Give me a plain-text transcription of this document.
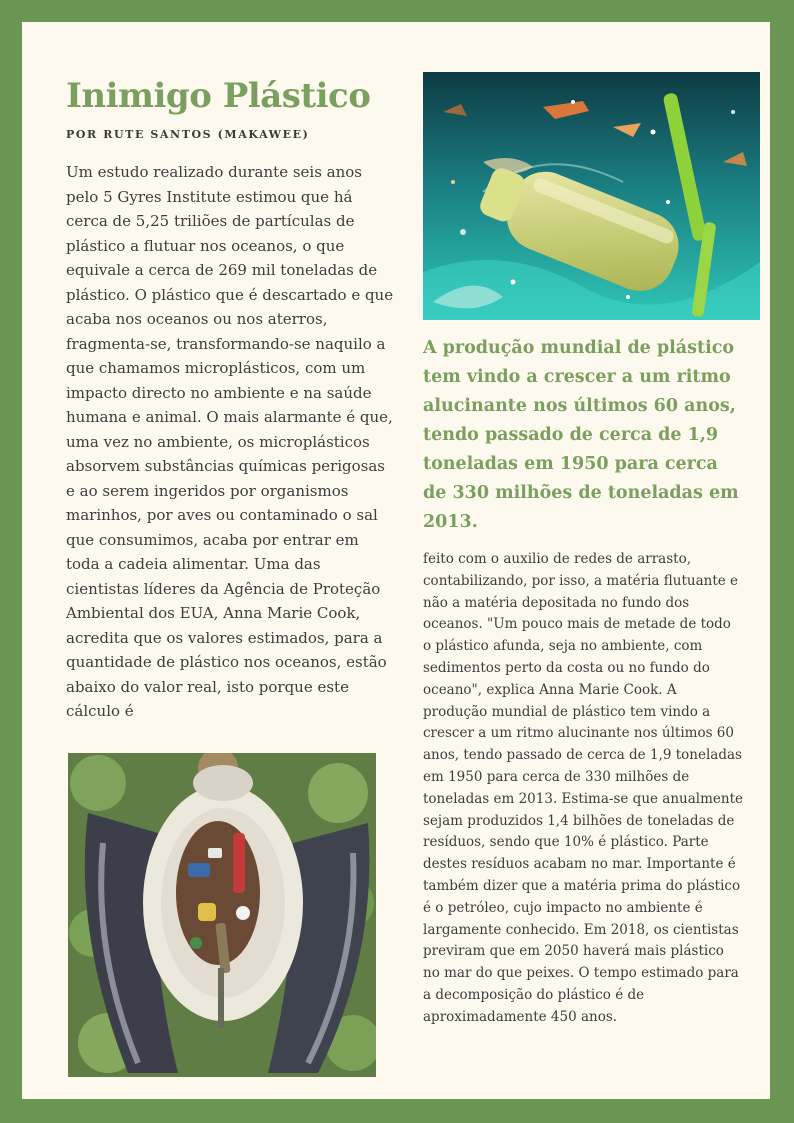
Inimigo Plástico
POR RUTE SANTOS (MAKAWEE)

Um estudo realizado durante seis anos pelo 5 Gyres Institute estimou que há cerca de 5,25 triliões de partículas de plástico a flutuar nos oceanos, o que equivale a cerca de 269 mil toneladas de plástico. O plástico que é descartado e que acaba nos oceanos ou nos aterros, fragmenta-se, transformando-se naquilo a que chamamos microplásticos, com um impacto directo no ambiente e na saúde humana e animal. O mais alarmante é que, uma vez no ambiente, os microplásticos absorvem substâncias químicas perigosas e ao serem ingeridos por organismos marinhos, por aves ou contaminado o sal que consumimos, acaba por entrar em toda a cadeia alimentar. Uma das cientistas líderes da Agência de Proteção Ambiental dos EUA, Anna Marie Cook, acredita que os valores estimados, para a quantidade de plástico nos oceanos, estão abaixo do valor real, isto porque este cálculo é

A produção mundial de plástico tem vindo a crescer a um ritmo alucinante nos últimos 60 anos, tendo passado de cerca de 1,9 toneladas em 1950 para cerca de 330 milhões de toneladas em 2013.

feito com o auxilio de redes de arrasto, contabilizando, por isso, a matéria flutuante e não a matéria depositada no fundo dos oceanos. "Um pouco mais de metade de todo o plástico afunda, seja no ambiente, com sedimentos perto da costa ou no fundo do oceano", explica Anna Marie Cook. A produção mundial de plástico tem vindo a crescer a um ritmo alucinante nos últimos 60 anos, tendo passado de cerca de 1,9 toneladas em 1950 para cerca de 330 milhões de toneladas em 2013. Estima-se que anualmente sejam produzidos 1,4 bilhões de toneladas de resíduos, sendo que 10% é plástico. Parte destes resíduos acabam no mar. Importante é também dizer que a matéria prima do plástico é o petróleo, cujo impacto no ambiente é largamente conhecido. Em 2018, os cientistas previram que em 2050 haverá mais plástico no mar do que peixes. O tempo estimado para a decomposição do plástico é de aproximadamente 450 anos.
